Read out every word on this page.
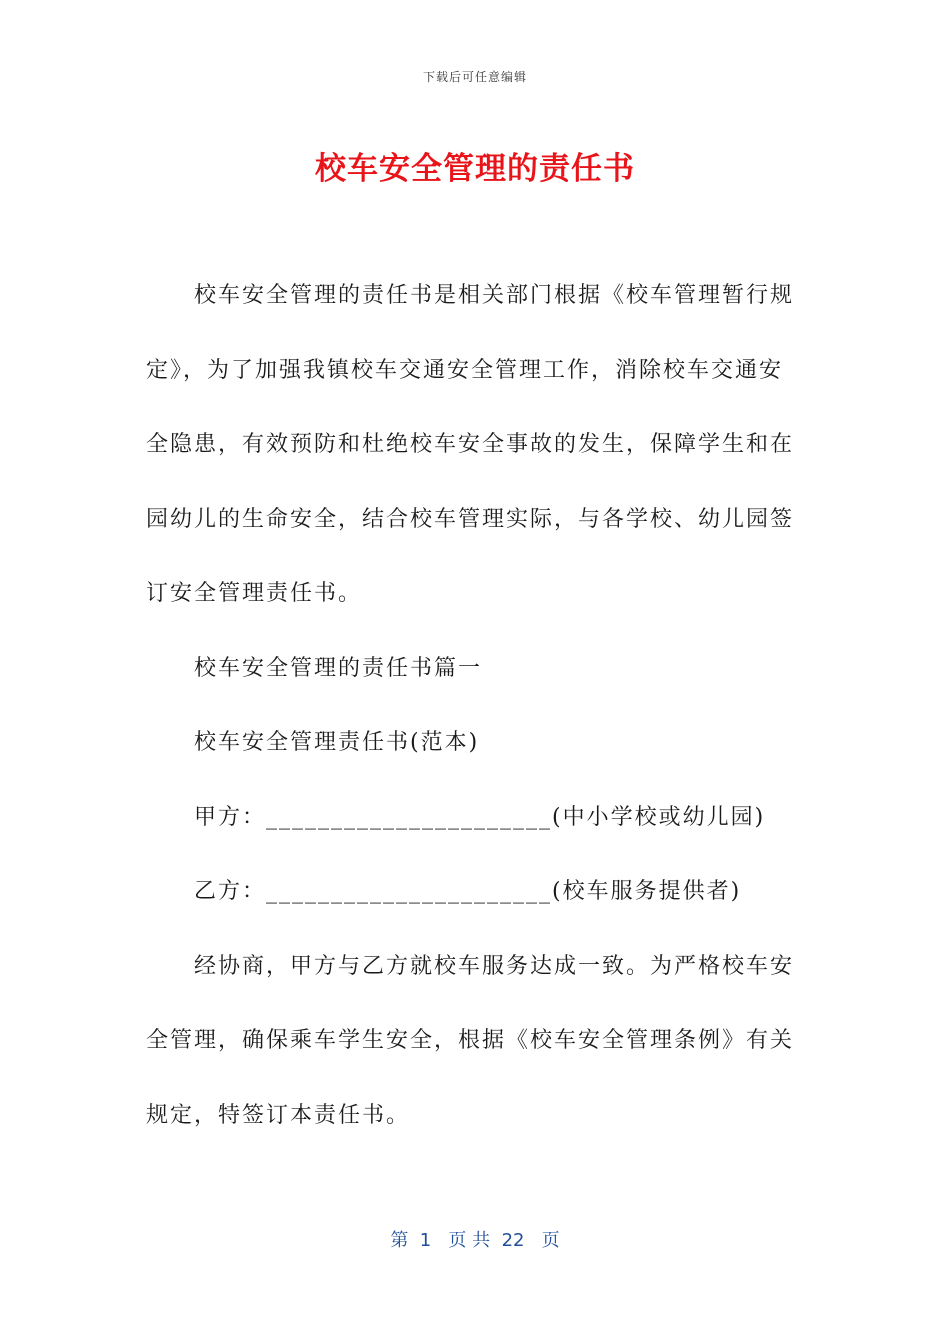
下载后可任意编辑
校车安全管理的责任书
校车安全管理的责任书是相关部门根据《校车管理暂行规
定》，为了加强我镇校车交通安全管理工作，消除校车交通安
全隐患，有效预防和杜绝校车安全事故的发生，保障学生和在
园幼儿的生命安全，结合校车管理实际，与各学校、幼儿园签
订安全管理责任书。
校车安全管理的责任书篇一
校车安全管理责任书(范本)
甲方：______________________(中小学校或幼儿园)
乙方：______________________(校车服务提供者)
经协商，甲方与乙方就校车服务达成一致。为严格校车安
全管理，确保乘车学生安全，根据《校车安全管理条例》有关
规定，特签订本责任书。
第  1   页 共  22   页
